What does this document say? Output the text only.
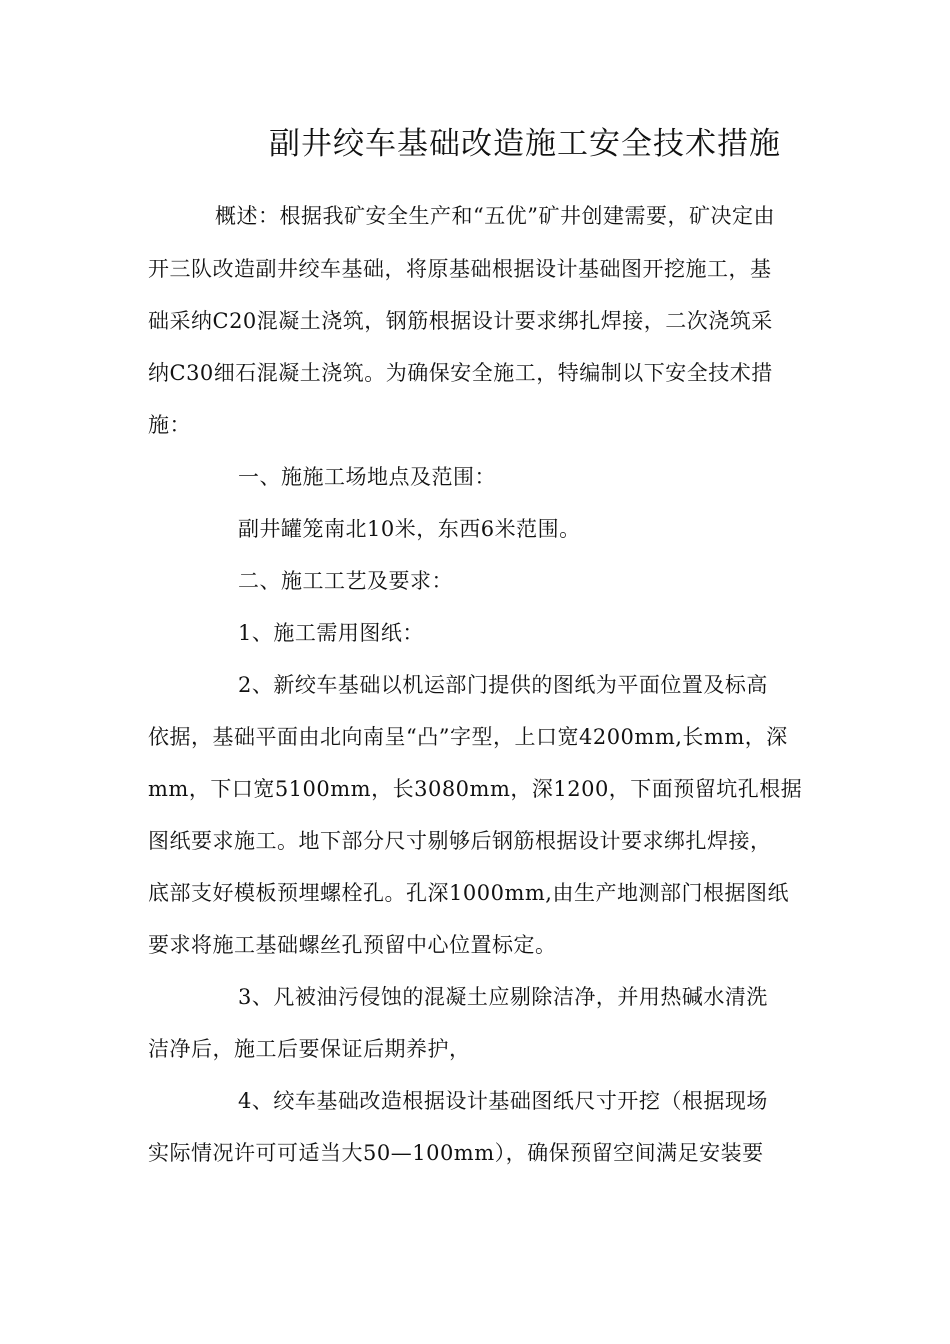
副井绞车基础改造施工安全技术措施

概述：根据我矿安全生产和“五优”矿井创建需要，矿决定由

开三队改造副井绞车基础，将原基础根据设计基础图开挖施工，基

础采纳C20混凝土浇筑，钢筋根据设计要求绑扎焊接，二次浇筑采

纳C30细石混凝土浇筑。为确保安全施工，特编制以下安全技术措

施：

一、施施工场地点及范围：

副井罐笼南北10米，东西6米范围。

二、施工工艺及要求：

1、施工需用图纸：

2、新绞车基础以机运部门提供的图纸为平面位置及标高

依据，基础平面由北向南呈“凸”字型，上口宽4200mm,长mm，深

mm，下口宽5100mm，长3080mm，深1200，下面预留坑孔根据

图纸要求施工。地下部分尺寸剔够后钢筋根据设计要求绑扎焊接，

底部支好模板预埋螺栓孔。孔深1000mm,由生产地测部门根据图纸

要求将施工基础螺丝孔预留中心位置标定。

3、凡被油污侵蚀的混凝土应剔除洁净，并用热碱水清洗

洁净后，施工后要保证后期养护，

4、绞车基础改造根据设计基础图纸尺寸开挖（根据现场

实际情况许可可适当大50—100mm），确保预留空间满足安装要
